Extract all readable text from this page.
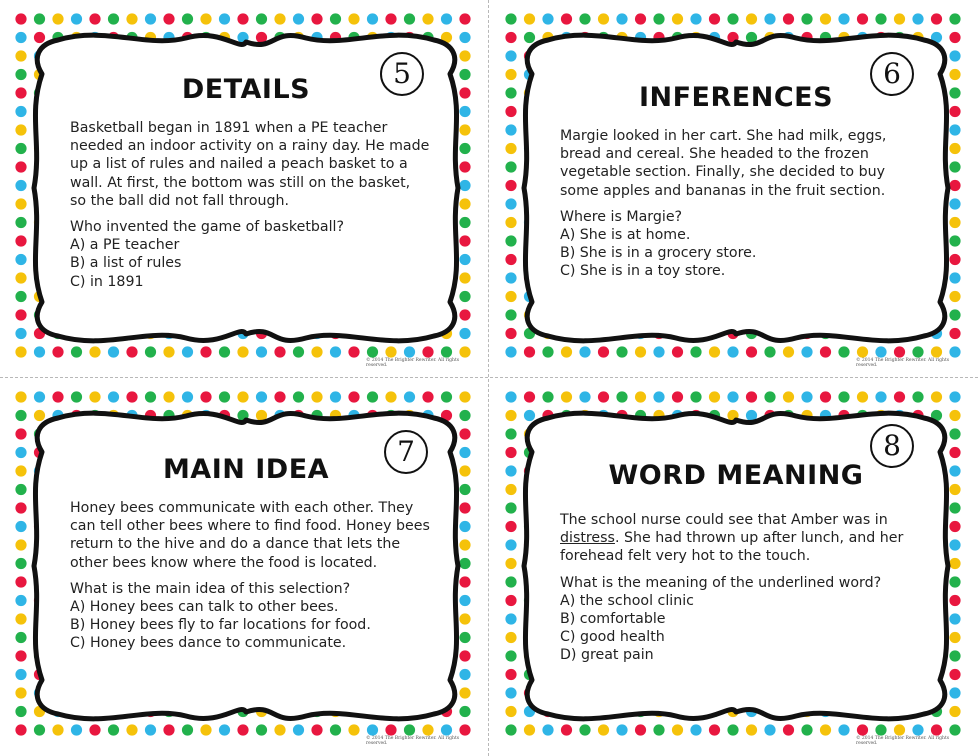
DETAILS	5

Basketball began in 1891 when a PE teacher needed an indoor activity on a rainy day. He made up a list of rules and nailed a peach basket to a wall. At first, the bottom was still on the basket, so the ball did not fall through.

Who invented the game of basketball?
A) a PE teacher
B) a list of rules
C) in 1891
© 2014 The Brighter Rewriter. All rights reserved.
INFERENCES
6

Margie looked in her cart. She had milk, eggs, bread and cereal. She headed to the frozen vegetable section. Finally, she decided to buy some apples and bananas in the fruit section.

Where is Margie?
A) She is at home.
B) She is in a grocery store.
C) She is in a toy store.
© 2014 The Brighter Rewriter. All rights reserved.
MAIN IDEA
7

Honey bees communicate with each other. They can tell other bees where to find food. Honey bees return to the hive and do a dance that lets the other bees know where the food is located.

What is the main idea of this selection?
A) Honey bees can talk to other bees.
B) Honey bees fly to far locations for food.
C) Honey bees dance to communicate.
© 2014 The Brighter Rewriter. All rights reserved.
WORD MEANING
8

The school nurse could see that Amber was in distress. She had thrown up after lunch, and her forehead felt very hot to the touch.

What is the meaning of the underlined word?
A) the school clinic
B) comfortable
C) good health
D) great pain
© 2014 The Brighter Rewriter. All rights reserved.
